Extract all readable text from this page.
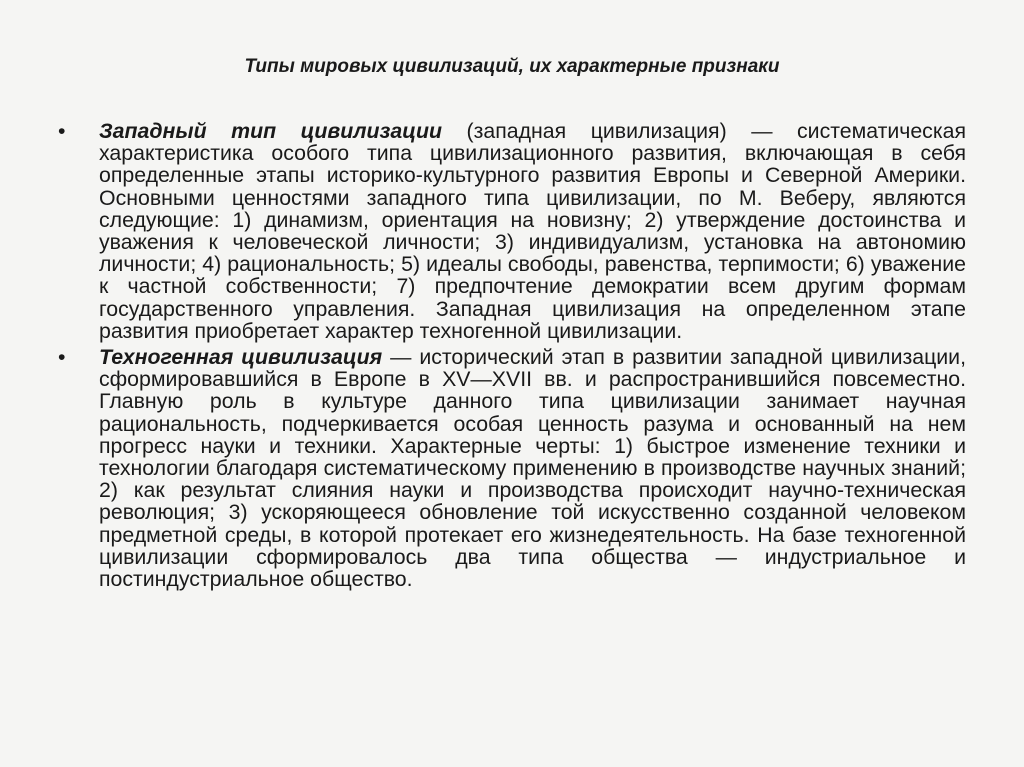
Типы мировых цивилизаций, их характерные признаки
• Западный тип цивилизации (западная цивилизация) — систематическая характеристика особого типа цивилизационного развития, включающая в себя определенные этапы историко-культурного развития Европы и Северной Америки. Основными ценностями западного типа цивилизации, по М. Веберу, являются следующие: 1) динамизм, ориентация на новизну; 2) утверждение достоинства и уважения к человеческой личности; 3) индивидуализм, установка на автономию личности; 4) рациональность; 5) идеалы свободы, равенства, терпимости; 6) уважение к частной собственности; 7) предпочтение демократии всем другим формам государственного управления. Западная цивилизация на определенном этапе развития приобретает характер техногенной цивилизации.
• Техногенная цивилизация — исторический этап в развитии западной цивилизации, сформировавшийся в Европе в XV—XVII вв. и распространившийся повсеместно. Главную роль в культуре данного типа цивилизации занимает научная рациональность, подчеркивается особая ценность разума и основанный на нем прогресс науки и техники. Характерные черты: 1) быстрое изменение техники и технологии благодаря систематическому применению в производстве научных знаний; 2) как результат слияния науки и производства происходит научно-техническая революция; 3) ускоряющееся обновление той искусственно созданной человеком предметной среды, в которой протекает его жизнедеятельность. На базе техногенной цивилизации сформировалось два типа общества — индустриальное и постиндустриальное общество.
